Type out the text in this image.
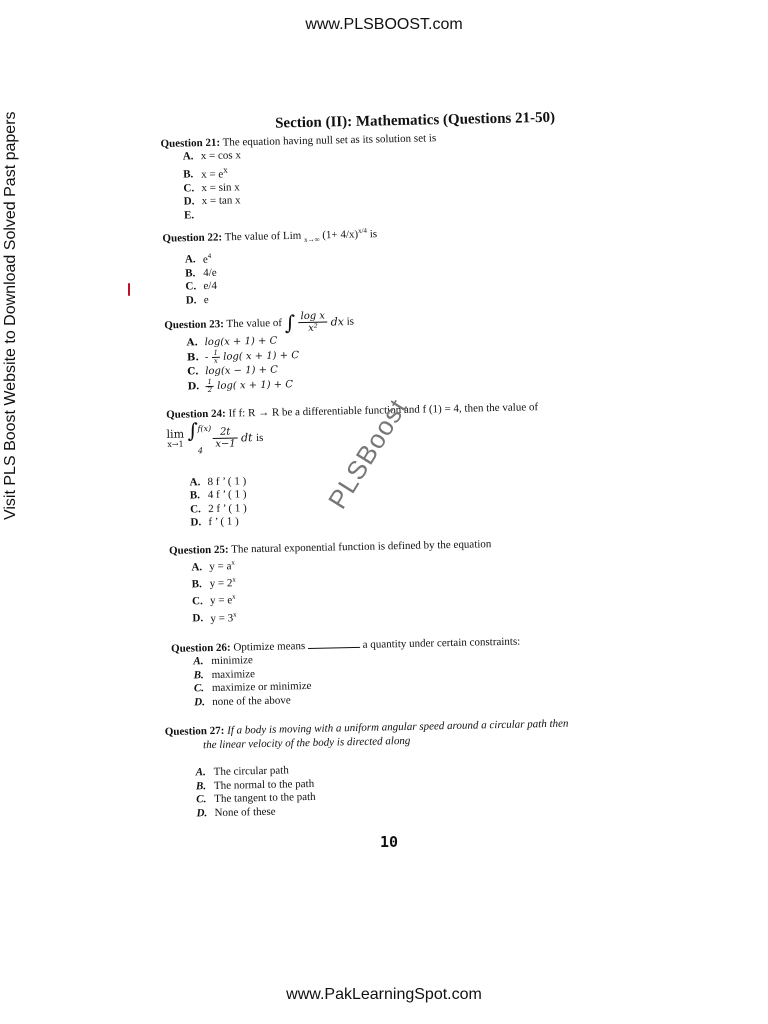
www.PLSBOOST.com
Visit PLS Boost Website to Download Solved Past papers	Section (II): Mathematics (Questions 21-50)
Question 21: The equation having null set as its solution set is
A. x = cos x
B. $x = e^x$
C. x = sin x
D. x = tan x
E.
Question 22: The value of Lim $_{x\to\infty}$ $(1+ 4/x)^{x/4}$ is
A. $e^4$
B. 4/e
C. e/4
D. e
Question 23: The value of ∫ $\frac{\text{log x}}{\text{x²}}$ dx is
A. log(x + 1) + C
B. - $\frac{1}{x} \log$( x + 1) + C
C. log(x − 1) + C
D. $\frac{1}{2} \log$( x + 1) + C
Question 24: If f: R → R be a differentiable function and f (1) = 4, then the value of
lim
x→1

∫ f(x)
4

$\frac{2t}{x-1}$ dt is
A. 8 f ’ ( 1 )
B. 4 f ’ ( 1 )
C. 2 f ’ ( 1 )
D. f ’ ( 1 )
Question 25: The natural exponential function is defined by the equation
A. $y = a^x$
B. $y = 2^x$
C. $y = e^x$
D. $y = 3^x$
Question 26: Optimize means	a quantity under certain constraints:
A. minimize
B. maximize
C. maximize or minimize
D. none of the above
Question 27: If a body is moving with a uniform angular speed around a circular path then
the linear velocity of the body is directed along
A. The circular path
B. The normal to the path
C. The tangent to the path
D. None of these
PLSBoost
10
www.PakLearningSpot.com
